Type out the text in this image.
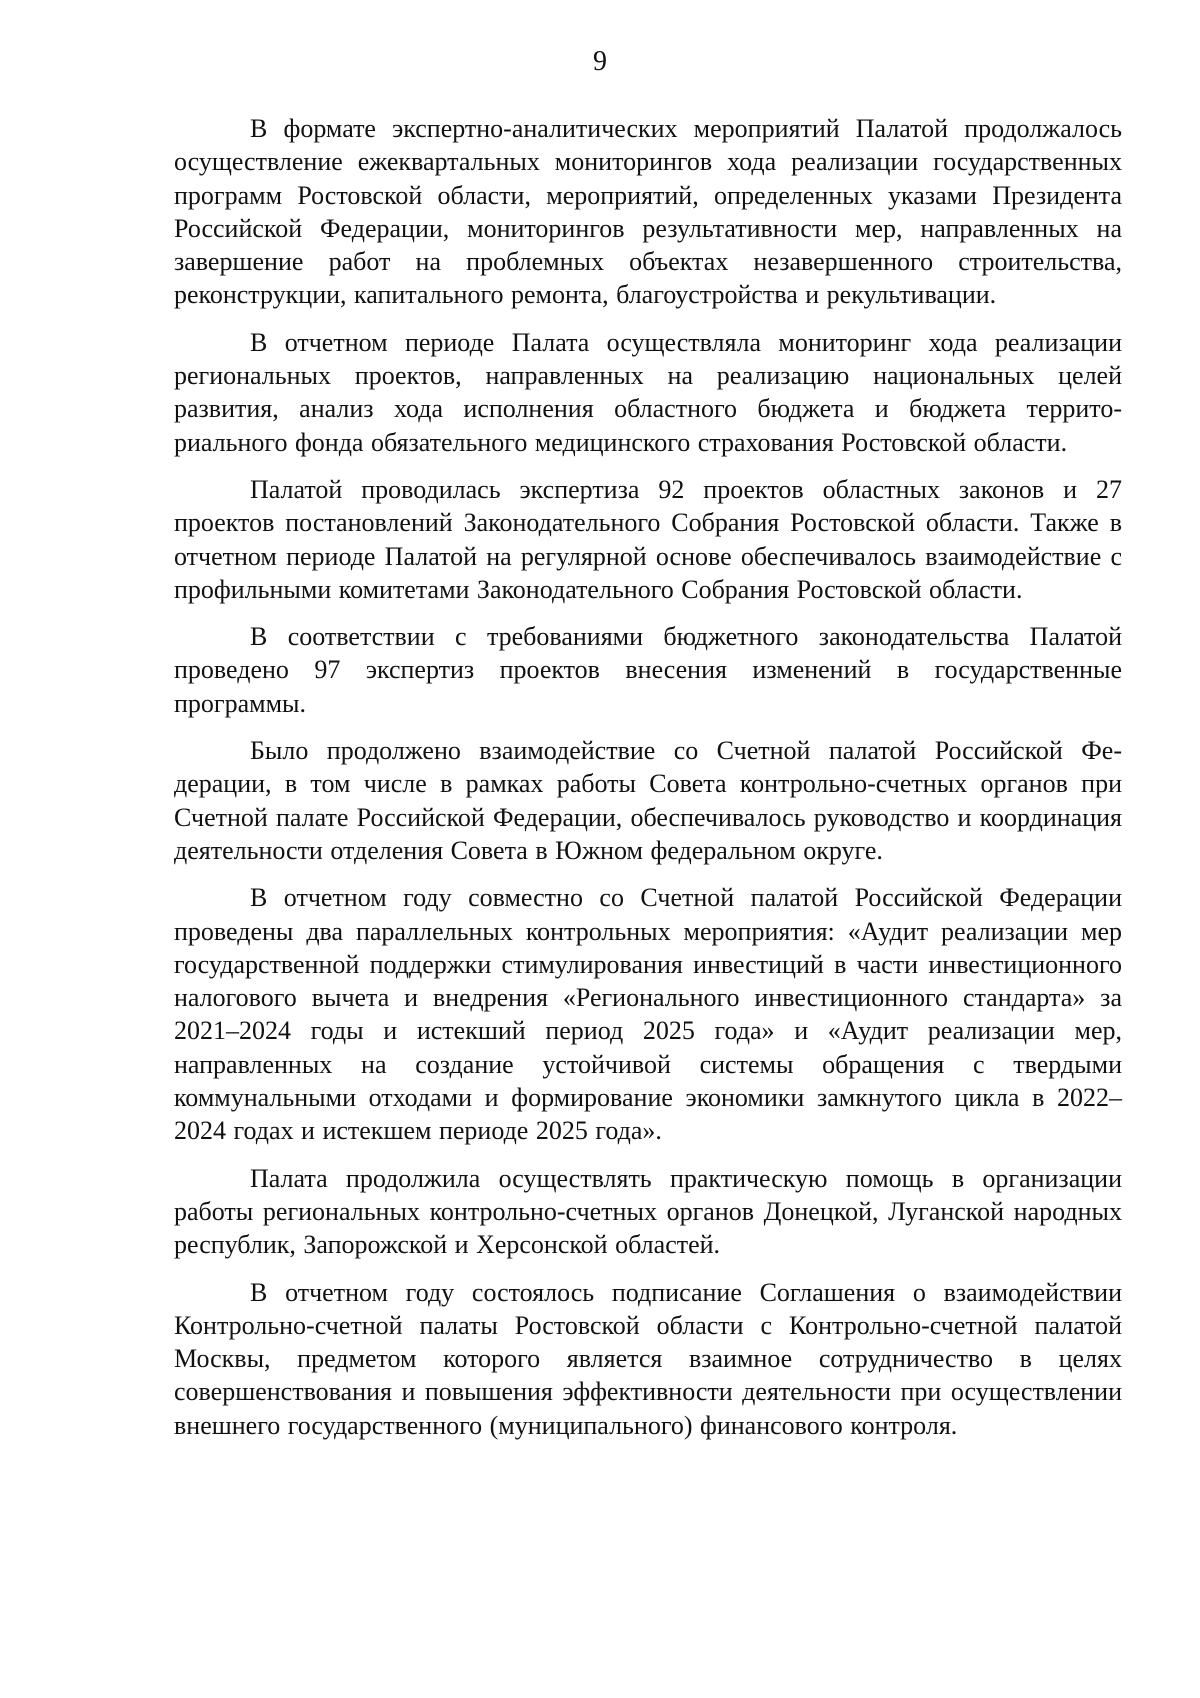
9

В формате экспертно-аналитических мероприятий Палатой продолжалось осуществление ежеквартальных мониторингов хода реализации государственных программ Ростовской области, мероприятий, определенных указами Президента Российской Федерации, мониторингов результативности мер, направленных на завершение работ на проблемных объектах незавершенного строительства, реконструкции, капитального ремонта, благоустройства и рекультивации.

В отчетном периоде Палата осуществляла мониторинг хода реализации региональных проектов, направленных на реализацию национальных целей развития, анализ хода исполнения областного бюджета и бюджета территориального фонда обязательного медицинского страхования Ростовской области.

Палатой проводилась экспертиза 92 проектов областных законов и 27 проектов постановлений Законодательного Собрания Ростовской области. Также в отчетном периоде Палатой на регулярной основе обеспечивалось взаимодействие с профильными комитетами Законодательного Собрания Ростовской области.

В соответствии с требованиями бюджетного законодательства Палатой проведено 97 экспертиз проектов внесения изменений в государственные программы.

Было продолжено взаимодействие со Счетной палатой Российской Федерации, в том числе в рамках работы Совета контрольно-счетных органов при Счетной палате Российской Федерации, обеспечивалось руководство и координация деятельности отделения Совета в Южном федеральном округе.

В отчетном году совместно со Счетной палатой Российской Федерации проведены два параллельных контрольных мероприятия: «Аудит реализации мер государственной поддержки стимулирования инвестиций в части инвестиционного налогового вычета и внедрения «Регионального инвестиционного стандарта» за 2021–2024 годы и истекший период 2025 года» и «Аудит реализации мер, направленных на создание устойчивой системы обращения с твердыми коммунальными отходами и формирование экономики замкнутого цикла в 2022–2024 годах и истекшем периоде 2025 года».

Палата продолжила осуществлять практическую помощь в организации работы региональных контрольно-счетных органов Донецкой, Луганской народных республик, Запорожской и Херсонской областей.

В отчетном году состоялось подписание Соглашения о взаимодействии Контрольно-счетной палаты Ростовской области с Контрольно-счетной палатой Москвы, предметом которого является взаимное сотрудничество в целях совершенствования и повышения эффективности деятельности при осуществлении внешнего государственного (муниципального) финансового контроля.
